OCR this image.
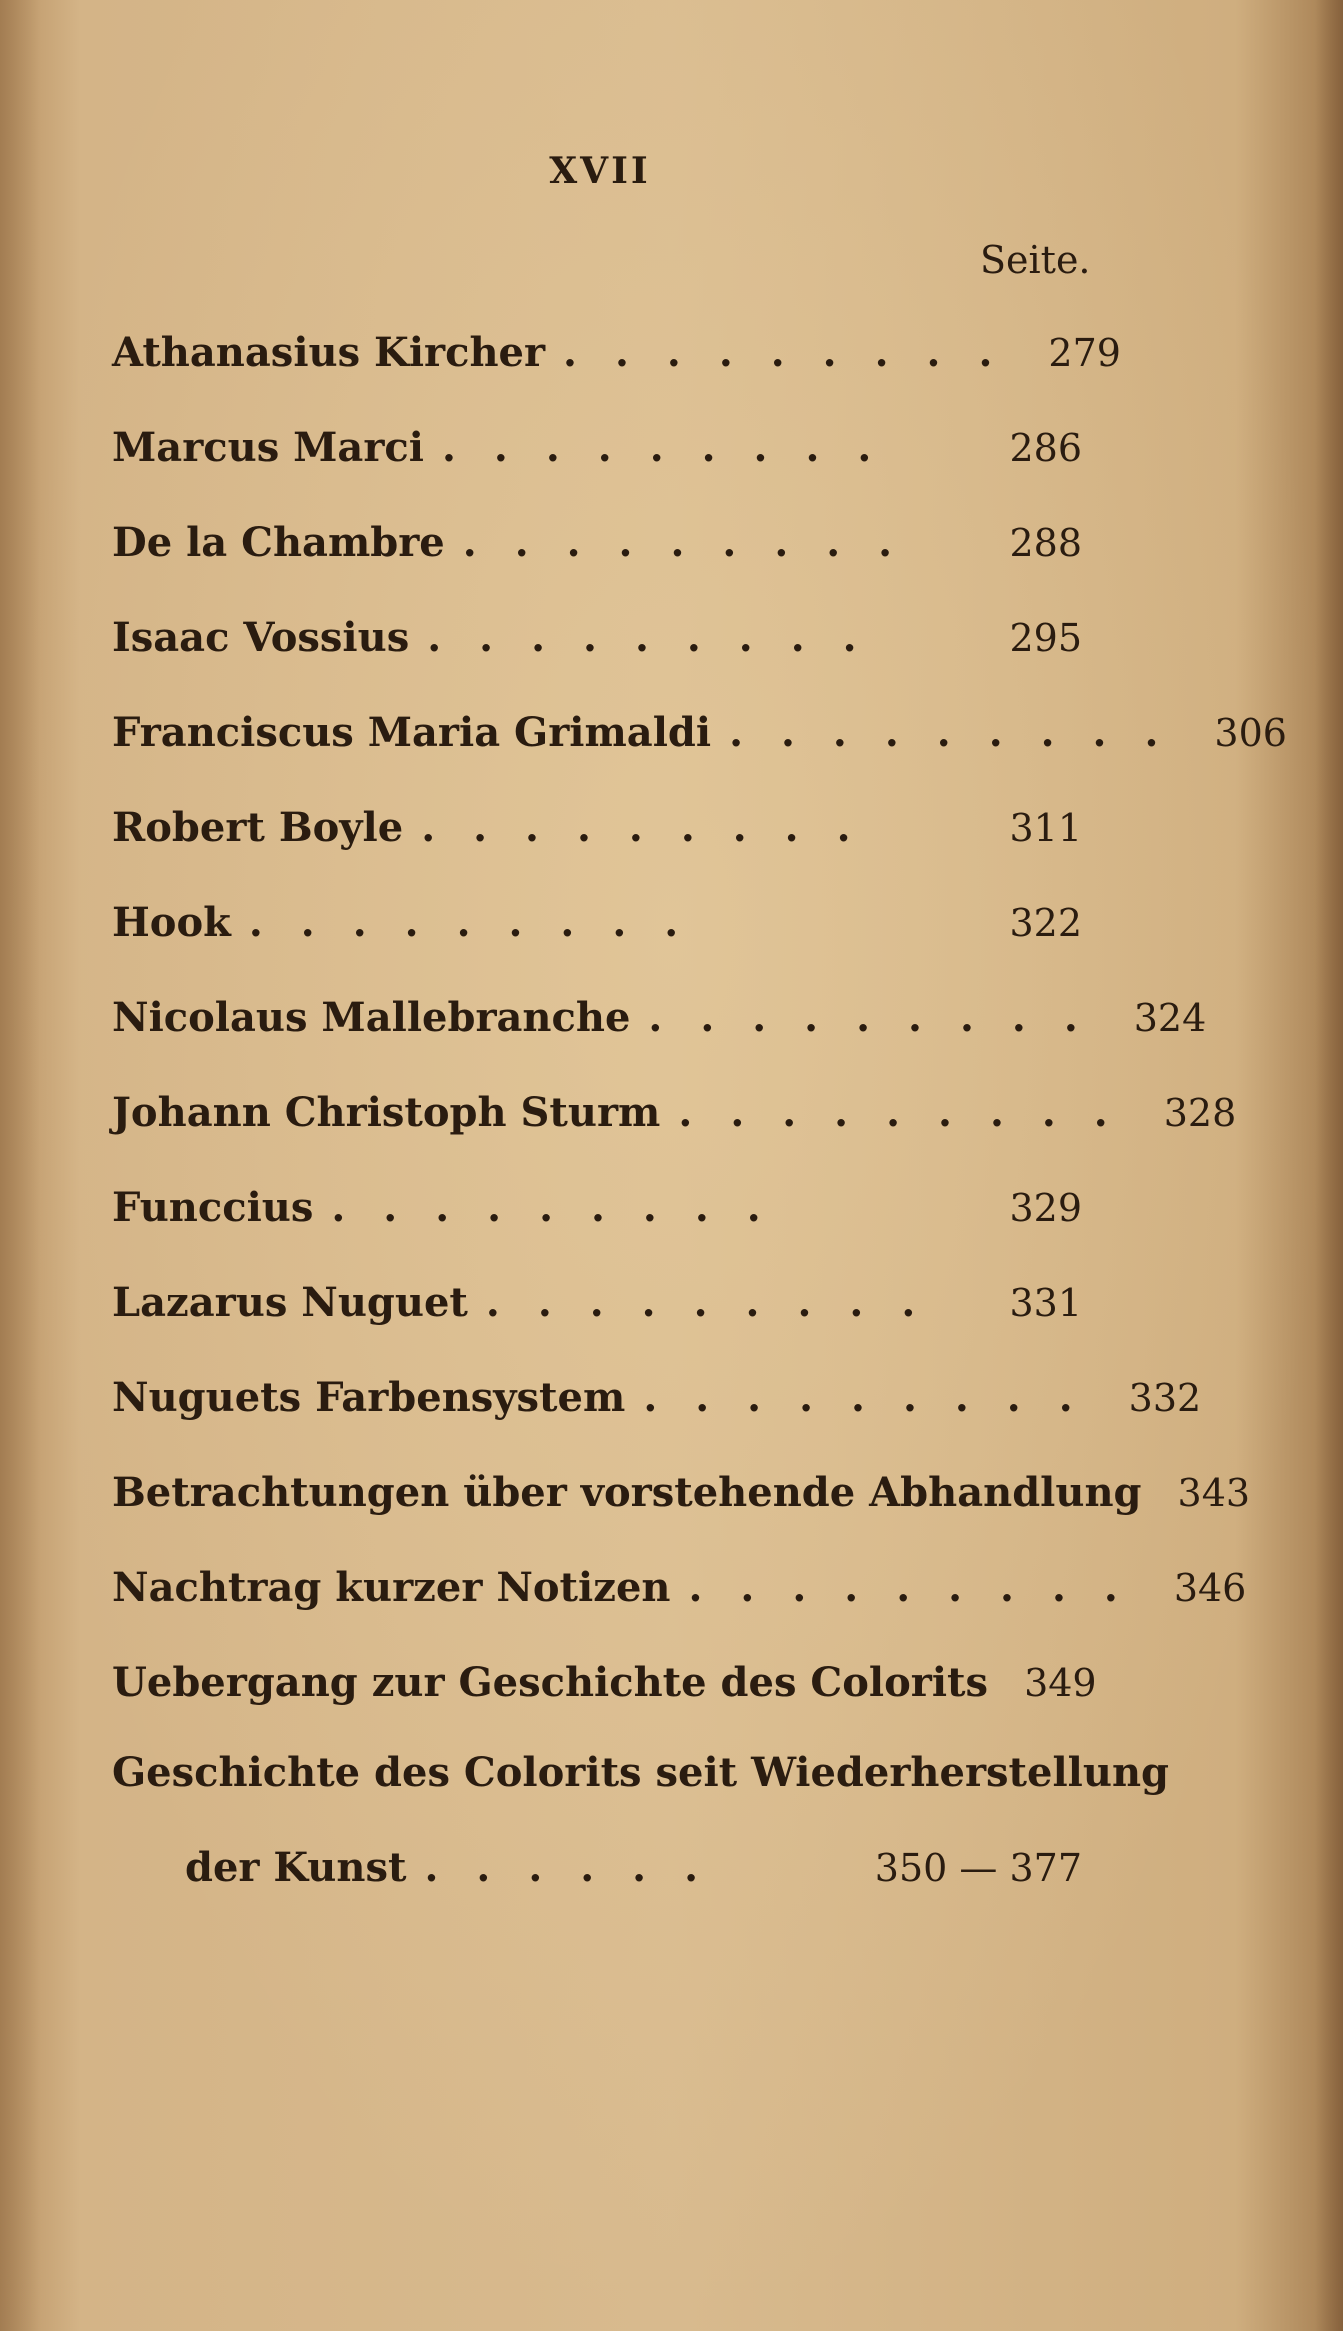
XVII
Seite.
Athanasius Kircher ......... 279
Marcus Marci .........	286
De la Chambre .........	288
Isaac Vossius .........	295
Franciscus Maria Grimaldi ......... 306
Robert Boyle .........	311
Hook .........	322
Nicolaus Mallebranche ......... 324
Johann Christoph Sturm ......... 328
Funccius .........	329
Lazarus Nuguet .........	331
Nuguets Farbensystem ......... 332
Betrachtungen über vorstehende Abhandlung 343
Nachtrag kurzer Notizen ......... 346
Uebergang zur Geschichte des Colorits 349
Geschichte des Colorits seit Wiederherstellung
der Kunst ......	350 — 377
